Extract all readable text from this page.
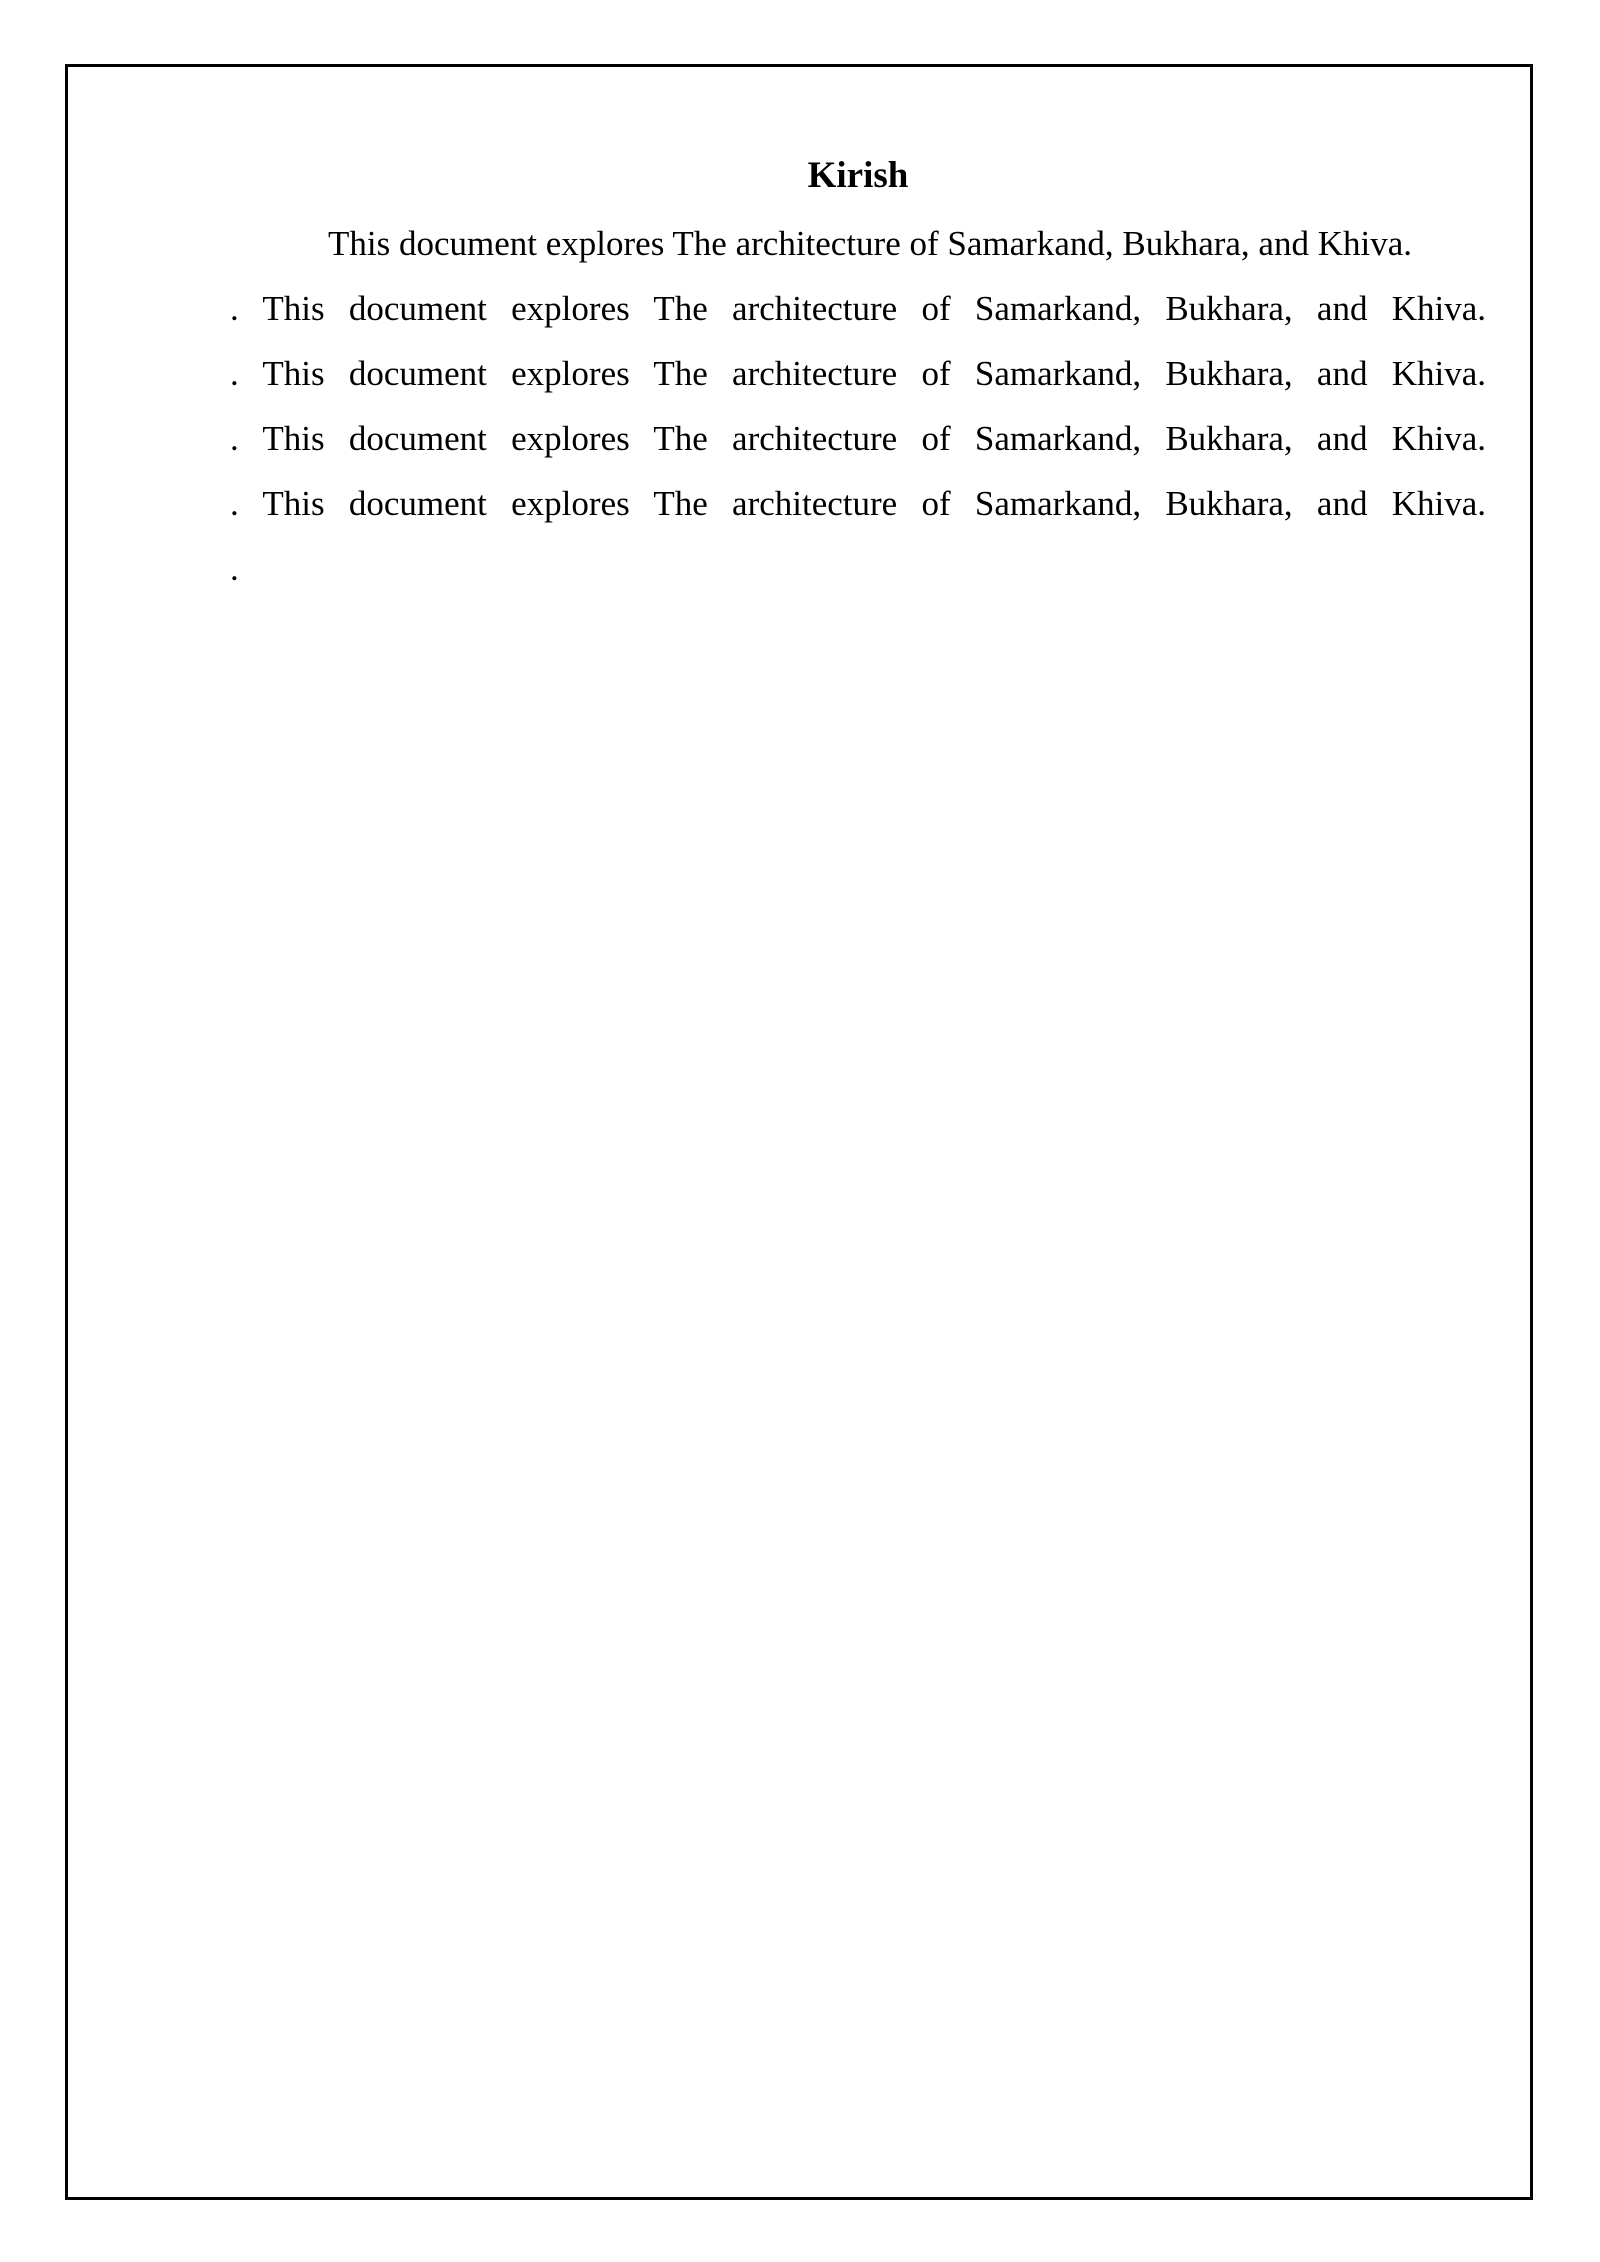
Kirish

This document explores The architecture of Samarkand, Bukhara, and Khiva.

. This document explores The architecture of Samarkand, Bukhara, and Khiva.

. This document explores The architecture of Samarkand, Bukhara, and Khiva.

. This document explores The architecture of Samarkand, Bukhara, and Khiva.

. This document explores The architecture of Samarkand, Bukhara, and Khiva.

.
